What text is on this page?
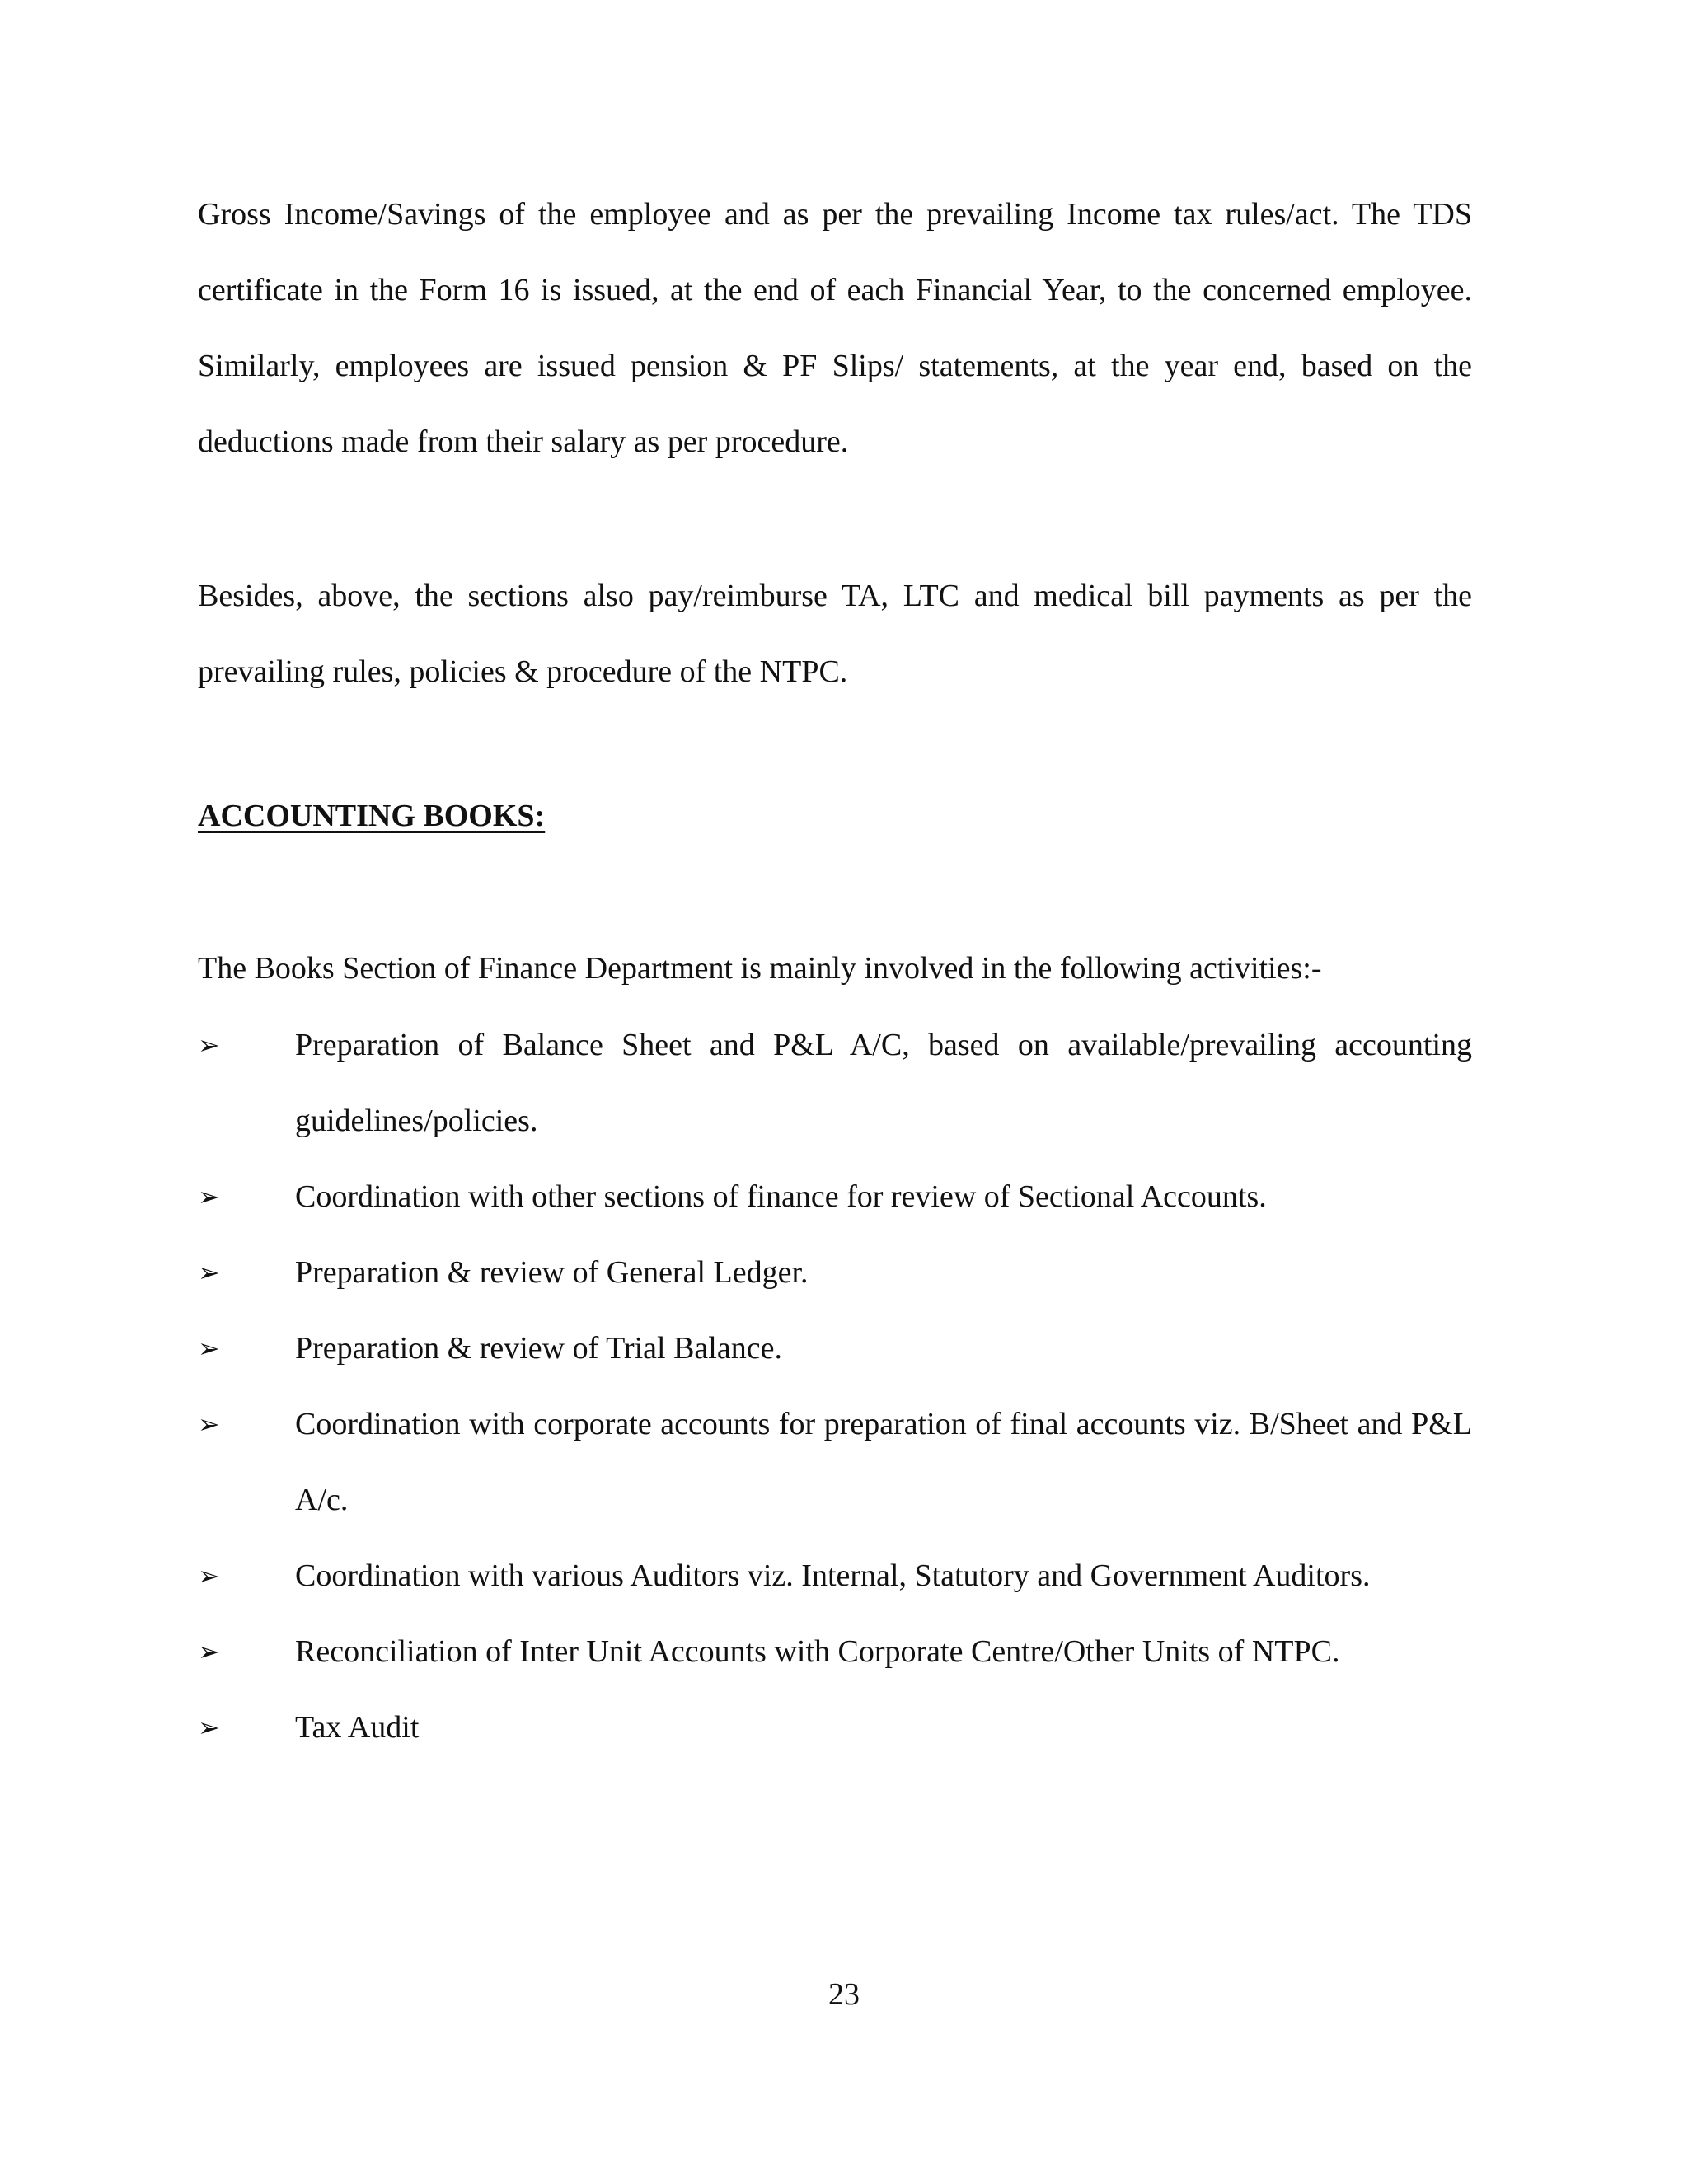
Gross Income/Savings of the employee and as per the prevailing Income tax rules/act. The TDS certificate in the Form 16 is issued, at the end of each Financial Year, to the concerned employee. Similarly, employees are issued pension & PF Slips/ statements, at the year end, based on the deductions made from their salary as per procedure.

Besides, above, the sections also pay/reimburse TA, LTC and medical bill payments as per the prevailing rules, policies & procedure of the NTPC.

ACCOUNTING BOOKS:

The Books Section of Finance Department is mainly involved in the following activities:-

➢ Preparation of Balance Sheet and P&L A/C, based on available/prevailing accounting guidelines/policies.
➢ Coordination with other sections of finance for review of Sectional Accounts.
➢ Preparation & review of General Ledger.
➢ Preparation & review of Trial Balance.
➢ Coordination with corporate accounts for preparation of final accounts viz. B/Sheet and P&L A/c.
➢ Coordination with various Auditors viz. Internal, Statutory and Government Auditors.
➢ Reconciliation of Inter Unit Accounts with Corporate Centre/Other Units of NTPC.
➢ Tax Audit

23
